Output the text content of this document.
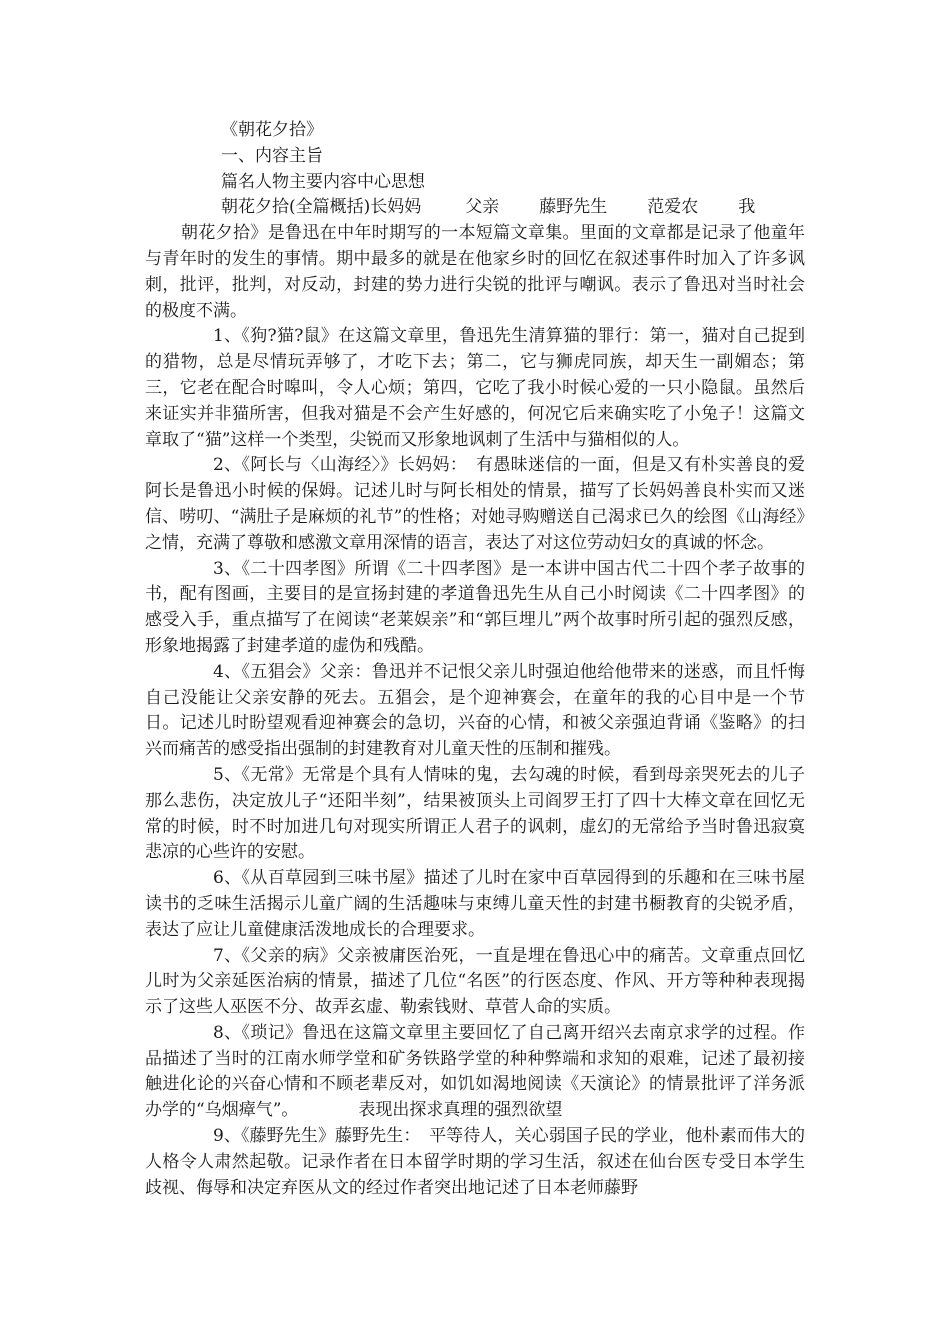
《朝花夕拾》
一、内容主旨
篇名人物主要内容中心思想
朝花夕拾(全篇概括)长妈妈	父亲 藤野先生 范爱农 我

朝花夕拾》是鲁迅在中年时期写的一本短篇文章集。里面的文章都是记录了他童年与青年时的发生的事情。期中最多的就是在他家乡时的回忆在叙述事件时加入了许多讽刺，批评，批判，对反动，封建的势力进行尖锐的批评与嘲讽。表示了鲁迅对当时社会的极度不满。

1、《狗?猫?鼠》在这篇文章里，鲁迅先生清算猫的罪行：第一，猫对自己捉到的猎物，总是尽情玩弄够了，才吃下去；第二，它与狮虎同族，却天生一副媚态；第三，它老在配合时嗥叫，令人心烦；第四，它吃了我小时候心爱的一只小隐鼠。虽然后来证实并非猫所害，但我对猫是不会产生好感的，何况它后来确实吃了小兔子！这篇文章取了“猫”这样一个类型，尖锐而又形象地讽刺了生活中与猫相似的人。

2、《阿长与〈山海经〉》长妈妈：　有愚昧迷信的一面，但是又有朴实善良的爱阿长是鲁迅小时候的保姆。记述儿时与阿长相处的情景，描写了长妈妈善良朴实而又迷信、唠叨、“满肚子是麻烦的礼节”的性格；对她寻购赠送自己渴求已久的绘图《山海经》之情，充满了尊敬和感激文章用深情的语言，表达了对这位劳动妇女的真诚的怀念。

3、《二十四孝图》所谓《二十四孝图》是一本讲中国古代二十四个孝子故事的书，配有图画，主要目的是宣扬封建的孝道鲁迅先生从自己小时阅读《二十四孝图》的感受入手，重点描写了在阅读“老莱娱亲”和“郭巨埋儿”两个故事时所引起的强烈反感，形象地揭露了封建孝道的虚伪和残酷。

4、《五猖会》父亲：鲁迅并不记恨父亲儿时强迫他给他带来的迷惑，而且忏悔自己没能让父亲安静的死去。五猖会，是个迎神赛会，在童年的我的心目中是一个节日。记述儿时盼望观看迎神赛会的急切，兴奋的心情，和被父亲强迫背诵《鉴略》的扫兴而痛苦的感受指出强制的封建教育对儿童天性的压制和摧残。

5、《无常》无常是个具有人情味的鬼，去勾魂的时候，看到母亲哭死去的儿子那么悲伤，决定放儿子“还阳半刻”，结果被顶头上司阎罗王打了四十大棒文章在回忆无常的时候，时不时加进几句对现实所谓正人君子的讽刺，虚幻的无常给予当时鲁迅寂寞悲凉的心些许的安慰。

6、《从百草园到三味书屋》描述了儿时在家中百草园得到的乐趣和在三味书屋读书的乏味生活揭示儿童广阔的生活趣味与束缚儿童天性的封建书橱教育的尖锐矛盾，表达了应让儿童健康活泼地成长的合理要求。

7、《父亲的病》父亲被庸医治死，一直是埋在鲁迅心中的痛苦。文章重点回忆儿时为父亲延医治病的情景，描述了几位“名医”的行医态度、作风、开方等种种表现揭示了这些人巫医不分、故弄玄虚、勒索钱财、草菅人命的实质。

8、《琐记》鲁迅在这篇文章里主要回忆了自己离开绍兴去南京求学的过程。作品描述了当时的江南水师学堂和矿务铁路学堂的种种弊端和求知的艰难，记述了最初接触进化论的兴奋心情和不顾老辈反对，如饥如渴地阅读《天演论》的情景批评了洋务派办学的“乌烟瘴气”。	表现出探求真理的强烈欲望

9、《藤野先生》藤野先生：　平等待人，关心弱国子民的学业，他朴素而伟大的人格令人肃然起敬。记录作者在日本留学时期的学习生活，叙述在仙台医专受日本学生歧视、侮辱和决定弃医从文的经过作者突出地记述了日本老师藤野
